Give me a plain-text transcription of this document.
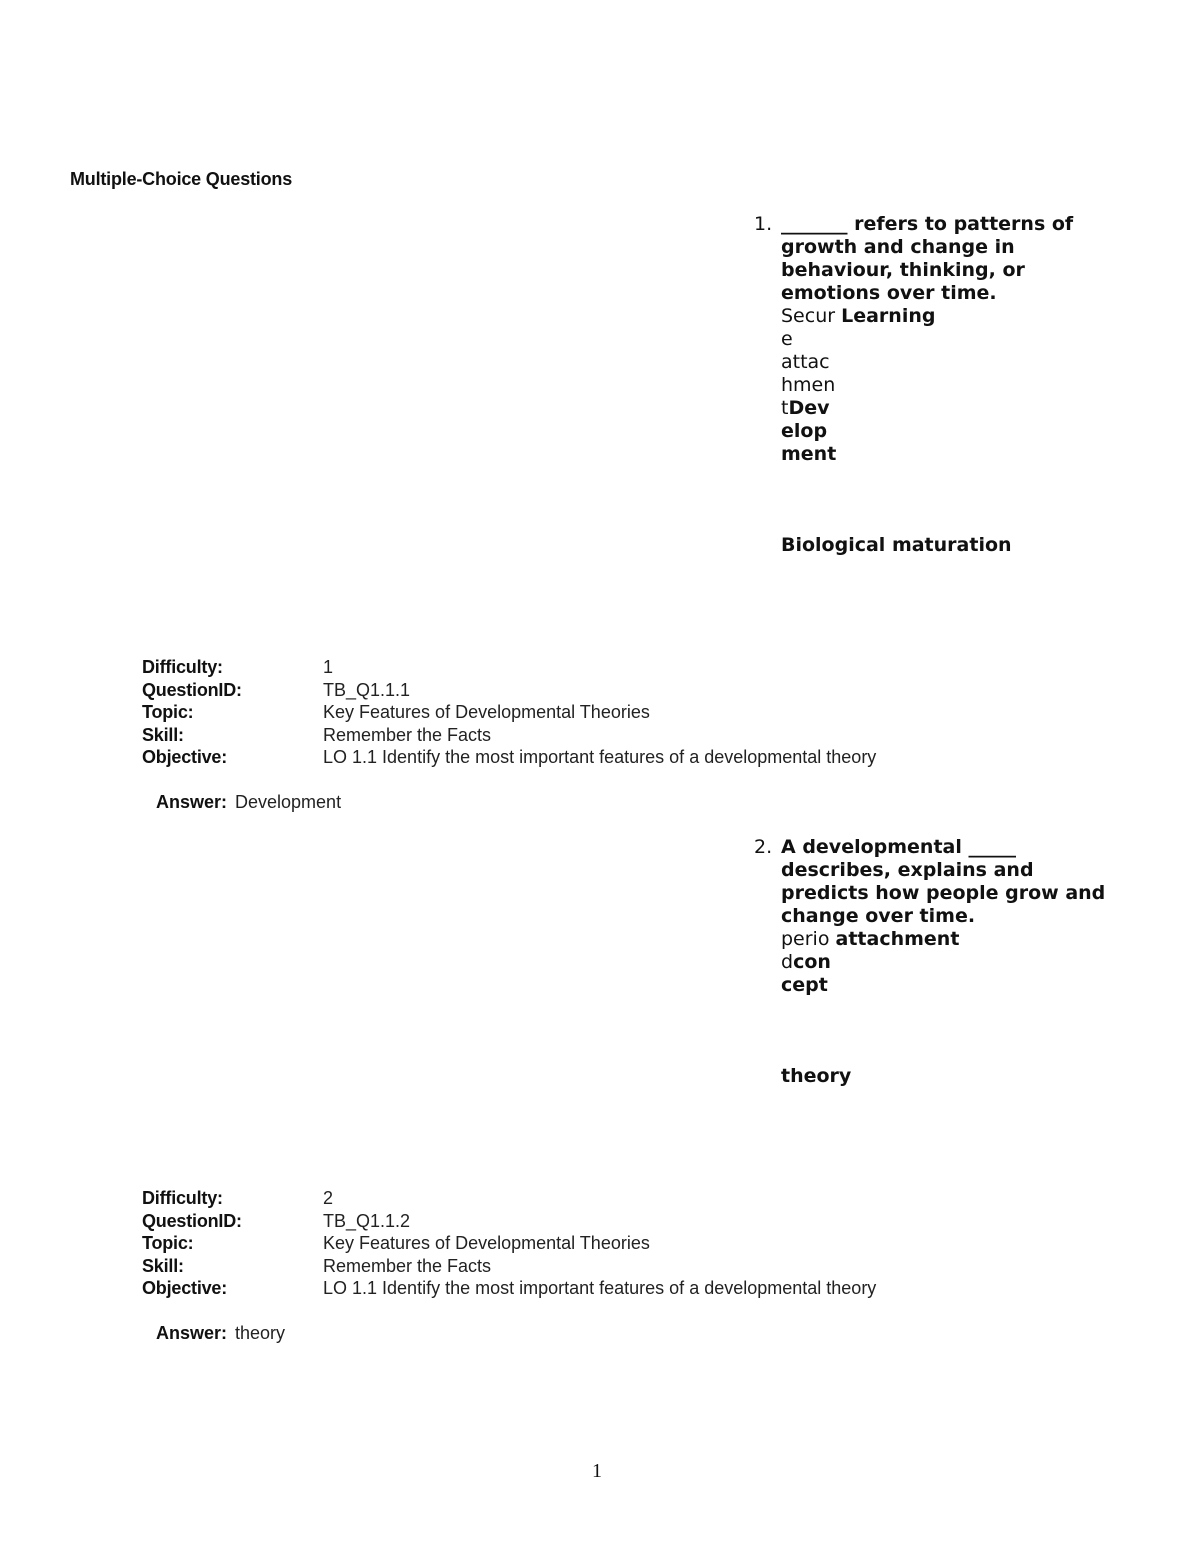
Multiple-Choice Questions
1. _______ refers to patterns of
growth and change in
behaviour, thinking, or
emotions over time.
Secur Learning
e
attac
hmen
tDev
elop
ment
Biological maturation
Difficulty:	1
QuestionID:	TB_Q1.1.1
Topic:	Key Features of Developmental Theories
Skill:	Remember the Facts
Objective:	LO 1.1 Identify the most important features of a developmental theory
Answer: Development
2. A developmental _____
describes, explains and
predicts how people grow and
change over time.
perio attachment
dcon
cept
theory
Difficulty:	2
QuestionID:	TB_Q1.1.2
Topic:	Key Features of Developmental Theories
Skill:	Remember the Facts
Objective:	LO 1.1 Identify the most important features of a developmental theory
Answer: theory
1
